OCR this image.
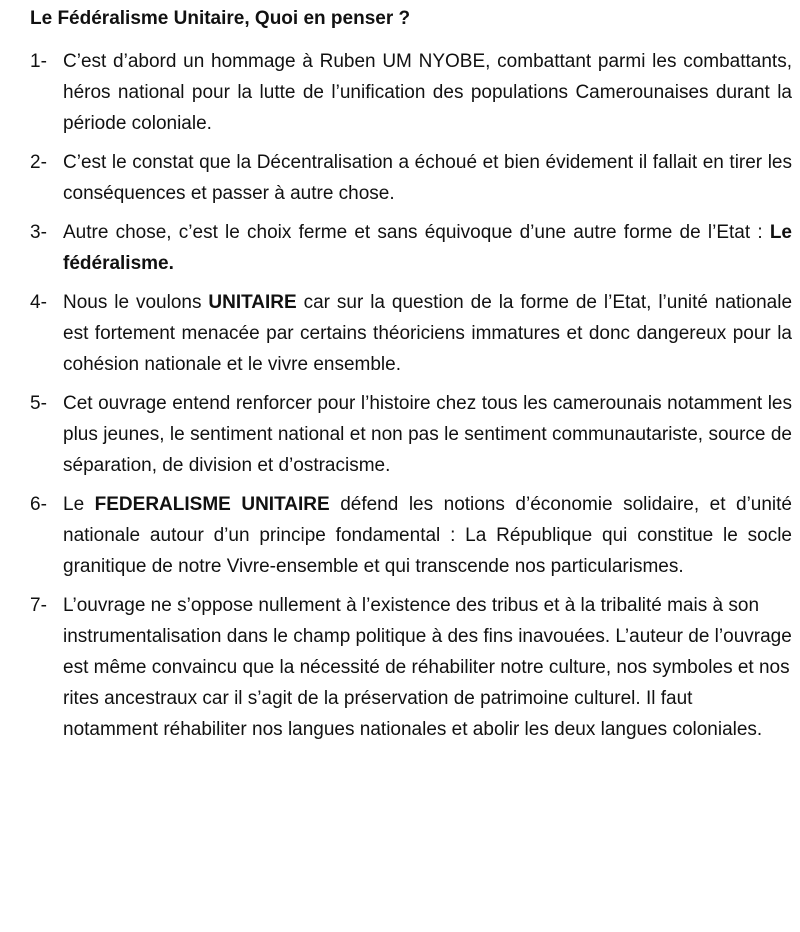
Le Fédéralisme Unitaire, Quoi en penser ?
1- C’est d’abord un hommage à Ruben UM NYOBE, combattant parmi les combattants, héros national pour la lutte de l’unification des populations Camerounaises durant la période coloniale.
2- C’est le constat que la Décentralisation a échoué et bien évidement il fallait en tirer les conséquences et passer à autre chose.
3- Autre chose, c’est le choix ferme et sans équivoque d’une autre forme de l’Etat : Le fédéralisme.
4- Nous le voulons UNITAIRE car sur la question de la forme de l’Etat, l’unité nationale est fortement menacée par certains théoriciens immatures et donc dangereux pour la cohésion nationale et le vivre ensemble.
5- Cet ouvrage entend renforcer pour l’histoire chez tous les camerounais notamment les plus jeunes, le sentiment national et non pas le sentiment communautariste, source de séparation, de division et d’ostracisme.
6- Le FEDERALISME UNITAIRE défend les notions d’économie solidaire, et d’unité nationale autour d’un principe fondamental : La République qui constitue le socle granitique de notre Vivre-ensemble et qui transcende nos particularismes.
7- L’ouvrage ne s’oppose nullement à l’existence des tribus et à la tribalité mais à son instrumentalisation dans le champ politique à des fins inavouées. L’auteur de l’ouvrage est même convaincu que la nécessité de réhabiliter notre culture, nos symboles et nos rites ancestraux car il s’agit de la préservation de patrimoine culturel. Il faut notamment réhabiliter nos langues nationales et abolir les deux langues coloniales.
